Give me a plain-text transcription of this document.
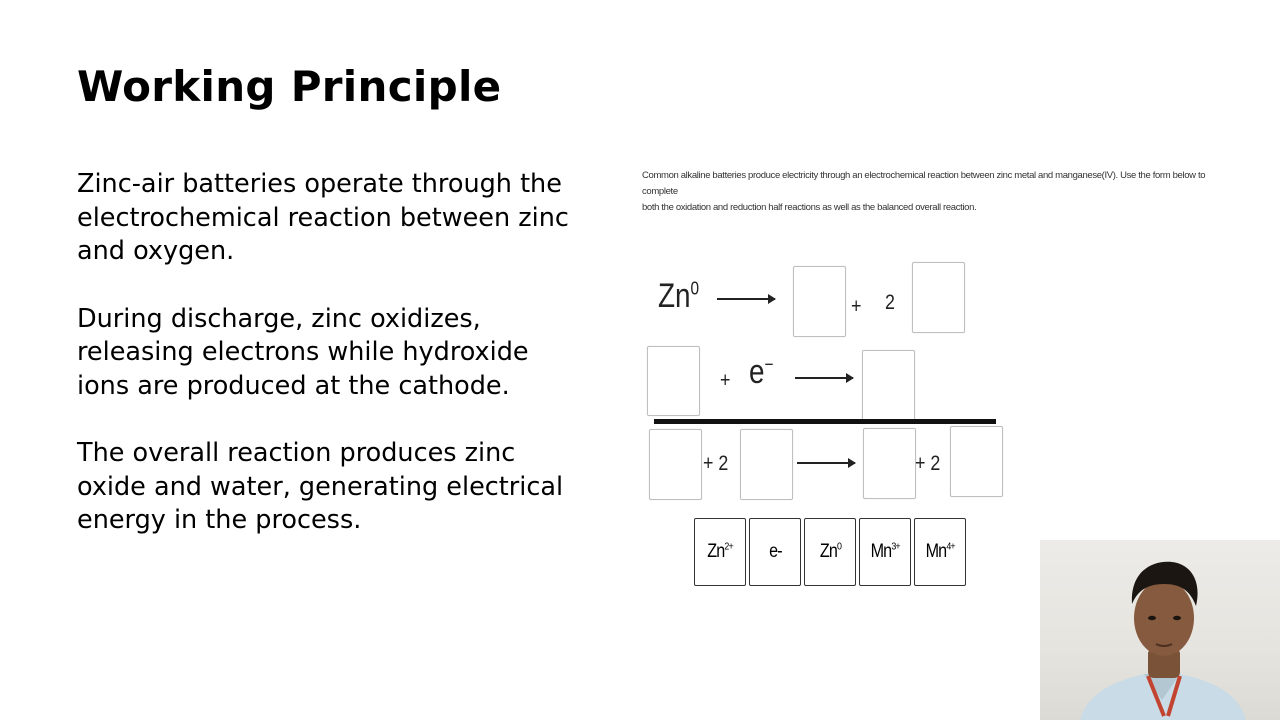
Working Principle

Zinc-air batteries operate through the
electrochemical reaction between zinc
and oxygen.

During discharge, zinc oxidizes,
releasing electrons while hydroxide
ions are produced at the cathode.

The overall reaction produces zinc
oxide and water, generating electrical
energy in the process.

Common alkaline batteries produce electricity through an electrochemical reaction between zinc metal and manganese(IV). Use the form below to complete
both the oxidation and reduction half reactions as well as the balanced overall reaction.
$Zn^0$
+ 2
+ e−
+ 2	+ 2
$Zn^{2+}$ e- Zn$^0$ $Mn^{3+}$ $Mn^{4+}$
